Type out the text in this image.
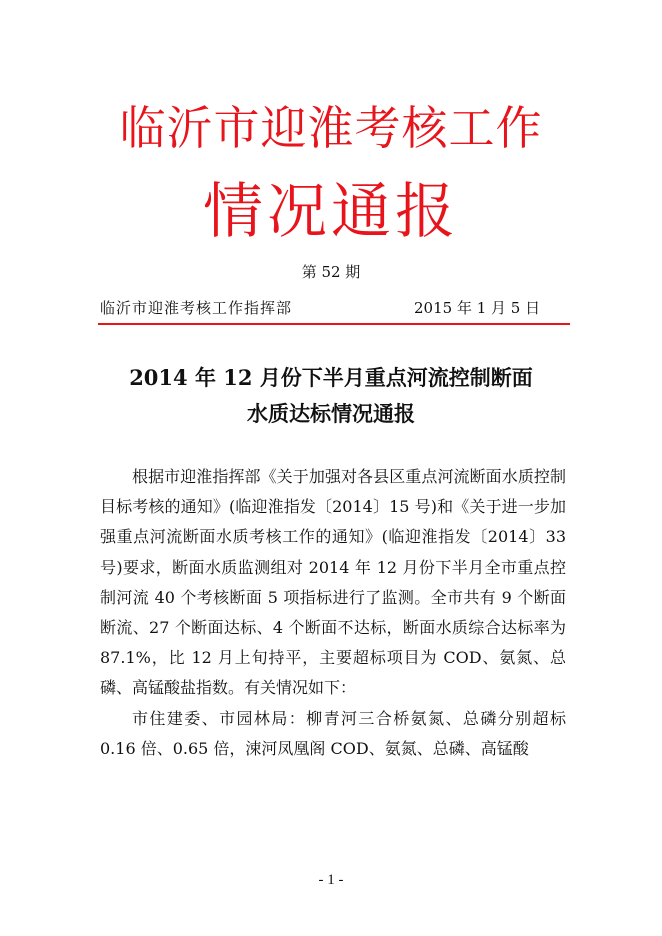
临沂市迎淮考核工作
情况通报
第 52 期
临沂市迎淮考核工作指挥部	2015 年 1 月 5 日
2014 年 12 月份下半月重点河流控制断面
水质达标情况通报

根据市迎淮指挥部《关于加强对各县区重点河流断面水质控制目标考核的通知》(临迎淮指发〔2014〕15 号)和《关于进一步加强重点河流断面水质考核工作的通知》(临迎淮指发〔2014〕33 号)要求，断面水质监测组对 2014 年 12 月份下半月全市重点控制河流 40 个考核断面 5 项指标进行了监测。全市共有 9 个断面断流、27 个断面达标、4 个断面不达标，断面水质综合达标率为 87.1%，比 12 月上旬持平，主要超标项目为 COD、氨氮、总磷、高锰酸盐指数。有关情况如下：

市住建委、市园林局：柳青河三合桥氨氮、总磷分别超标 0.16 倍、0.65 倍，涑河凤凰阁 COD、氨氮、总磷、高锰酸

- 1 -
